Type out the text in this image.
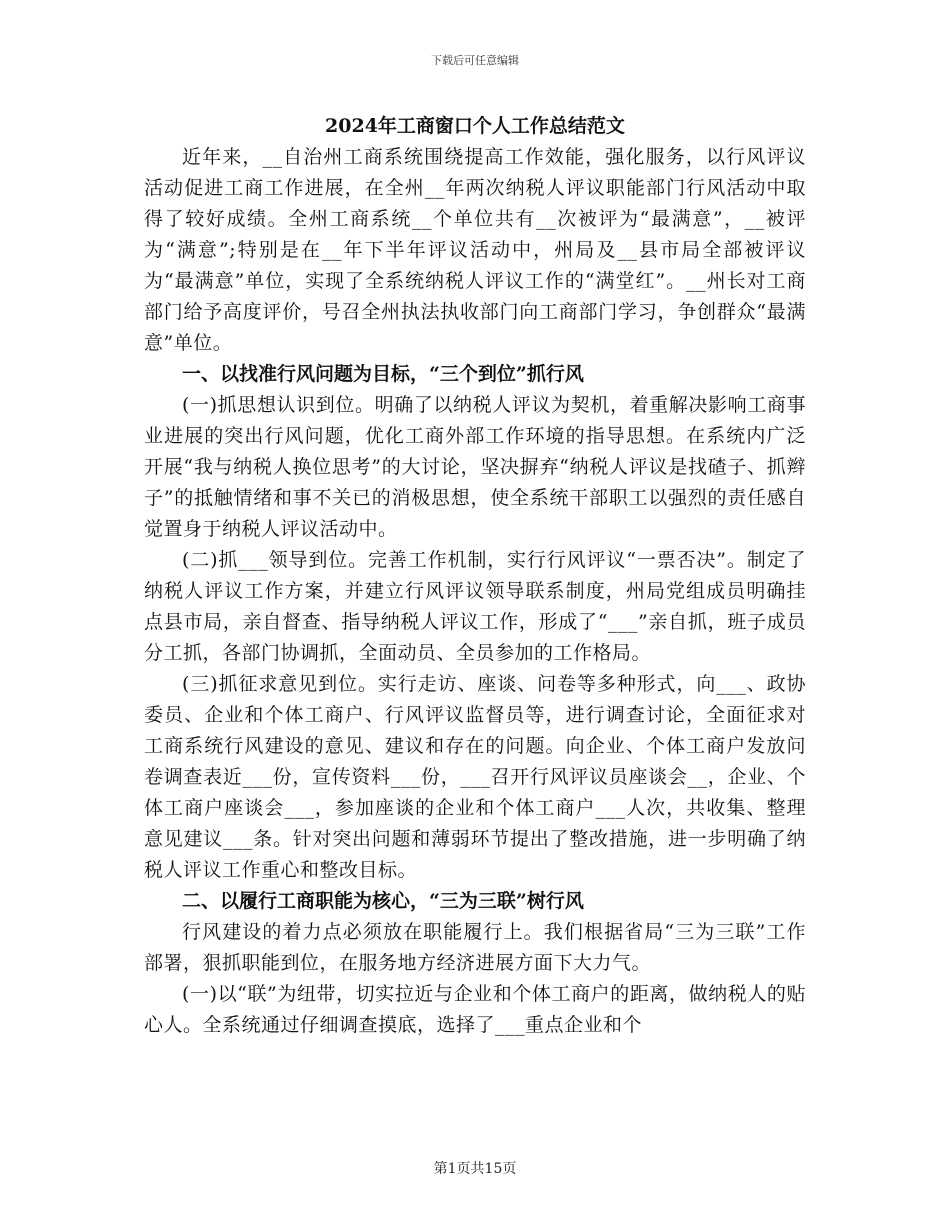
下载后可任意编辑
2024年工商窗口个人工作总结范文

近年来，__自治州工商系统围绕提高工作效能，强化服务，以行风评议活动促进工商工作进展，在全州__年两次纳税人评议职能部门行风活动中取得了较好成绩。全州工商系统__个单位共有__次被评为“最满意”，__被评为“满意”;特别是在__年下半年评议活动中，州局及__县市局全部被评议为“最满意”单位，实现了全系统纳税人评议工作的“满堂红”。__州长对工商部门给予高度评价，号召全州执法执收部门向工商部门学习，争创群众“最满意”单位。

一、以找准行风问题为目标，“三个到位”抓行风

(一)抓思想认识到位。明确了以纳税人评议为契机，着重解决影响工商事业进展的突出行风问题，优化工商外部工作环境的指导思想。在系统内广泛开展“我与纳税人换位思考”的大讨论，坚决摒弃“纳税人评议是找碴子、抓辫子”的抵触情绪和事不关已的消极思想，使全系统干部职工以强烈的责任感自觉置身于纳税人评议活动中。

(二)抓___领导到位。完善工作机制，实行行风评议“一票否决”。制定了纳税人评议工作方案，并建立行风评议领导联系制度，州局党组成员明确挂点县市局，亲自督查、指导纳税人评议工作，形成了“___”亲自抓，班子成员分工抓，各部门协调抓，全面动员、全员参加的工作格局。

(三)抓征求意见到位。实行走访、座谈、问卷等多种形式，向___、政协委员、企业和个体工商户、行风评议监督员等，进行调查讨论，全面征求对工商系统行风建设的意见、建议和存在的问题。向企业、个体工商户发放问卷调查表近___份，宣传资料___份，___召开行风评议员座谈会__，企业、个体工商户座谈会___，参加座谈的企业和个体工商户___人次，共收集、整理意见建议___条。针对突出问题和薄弱环节提出了整改措施，进一步明确了纳税人评议工作重心和整改目标。

二、以履行工商职能为核心，“三为三联”树行风

行风建设的着力点必须放在职能履行上。我们根据省局“三为三联”工作部署，狠抓职能到位，在服务地方经济进展方面下大力气。

(一)以“联”为纽带，切实拉近与企业和个体工商户的距离，做纳税人的贴心人。全系统通过仔细调查摸底，选择了___重点企业和个

第1页共15页
